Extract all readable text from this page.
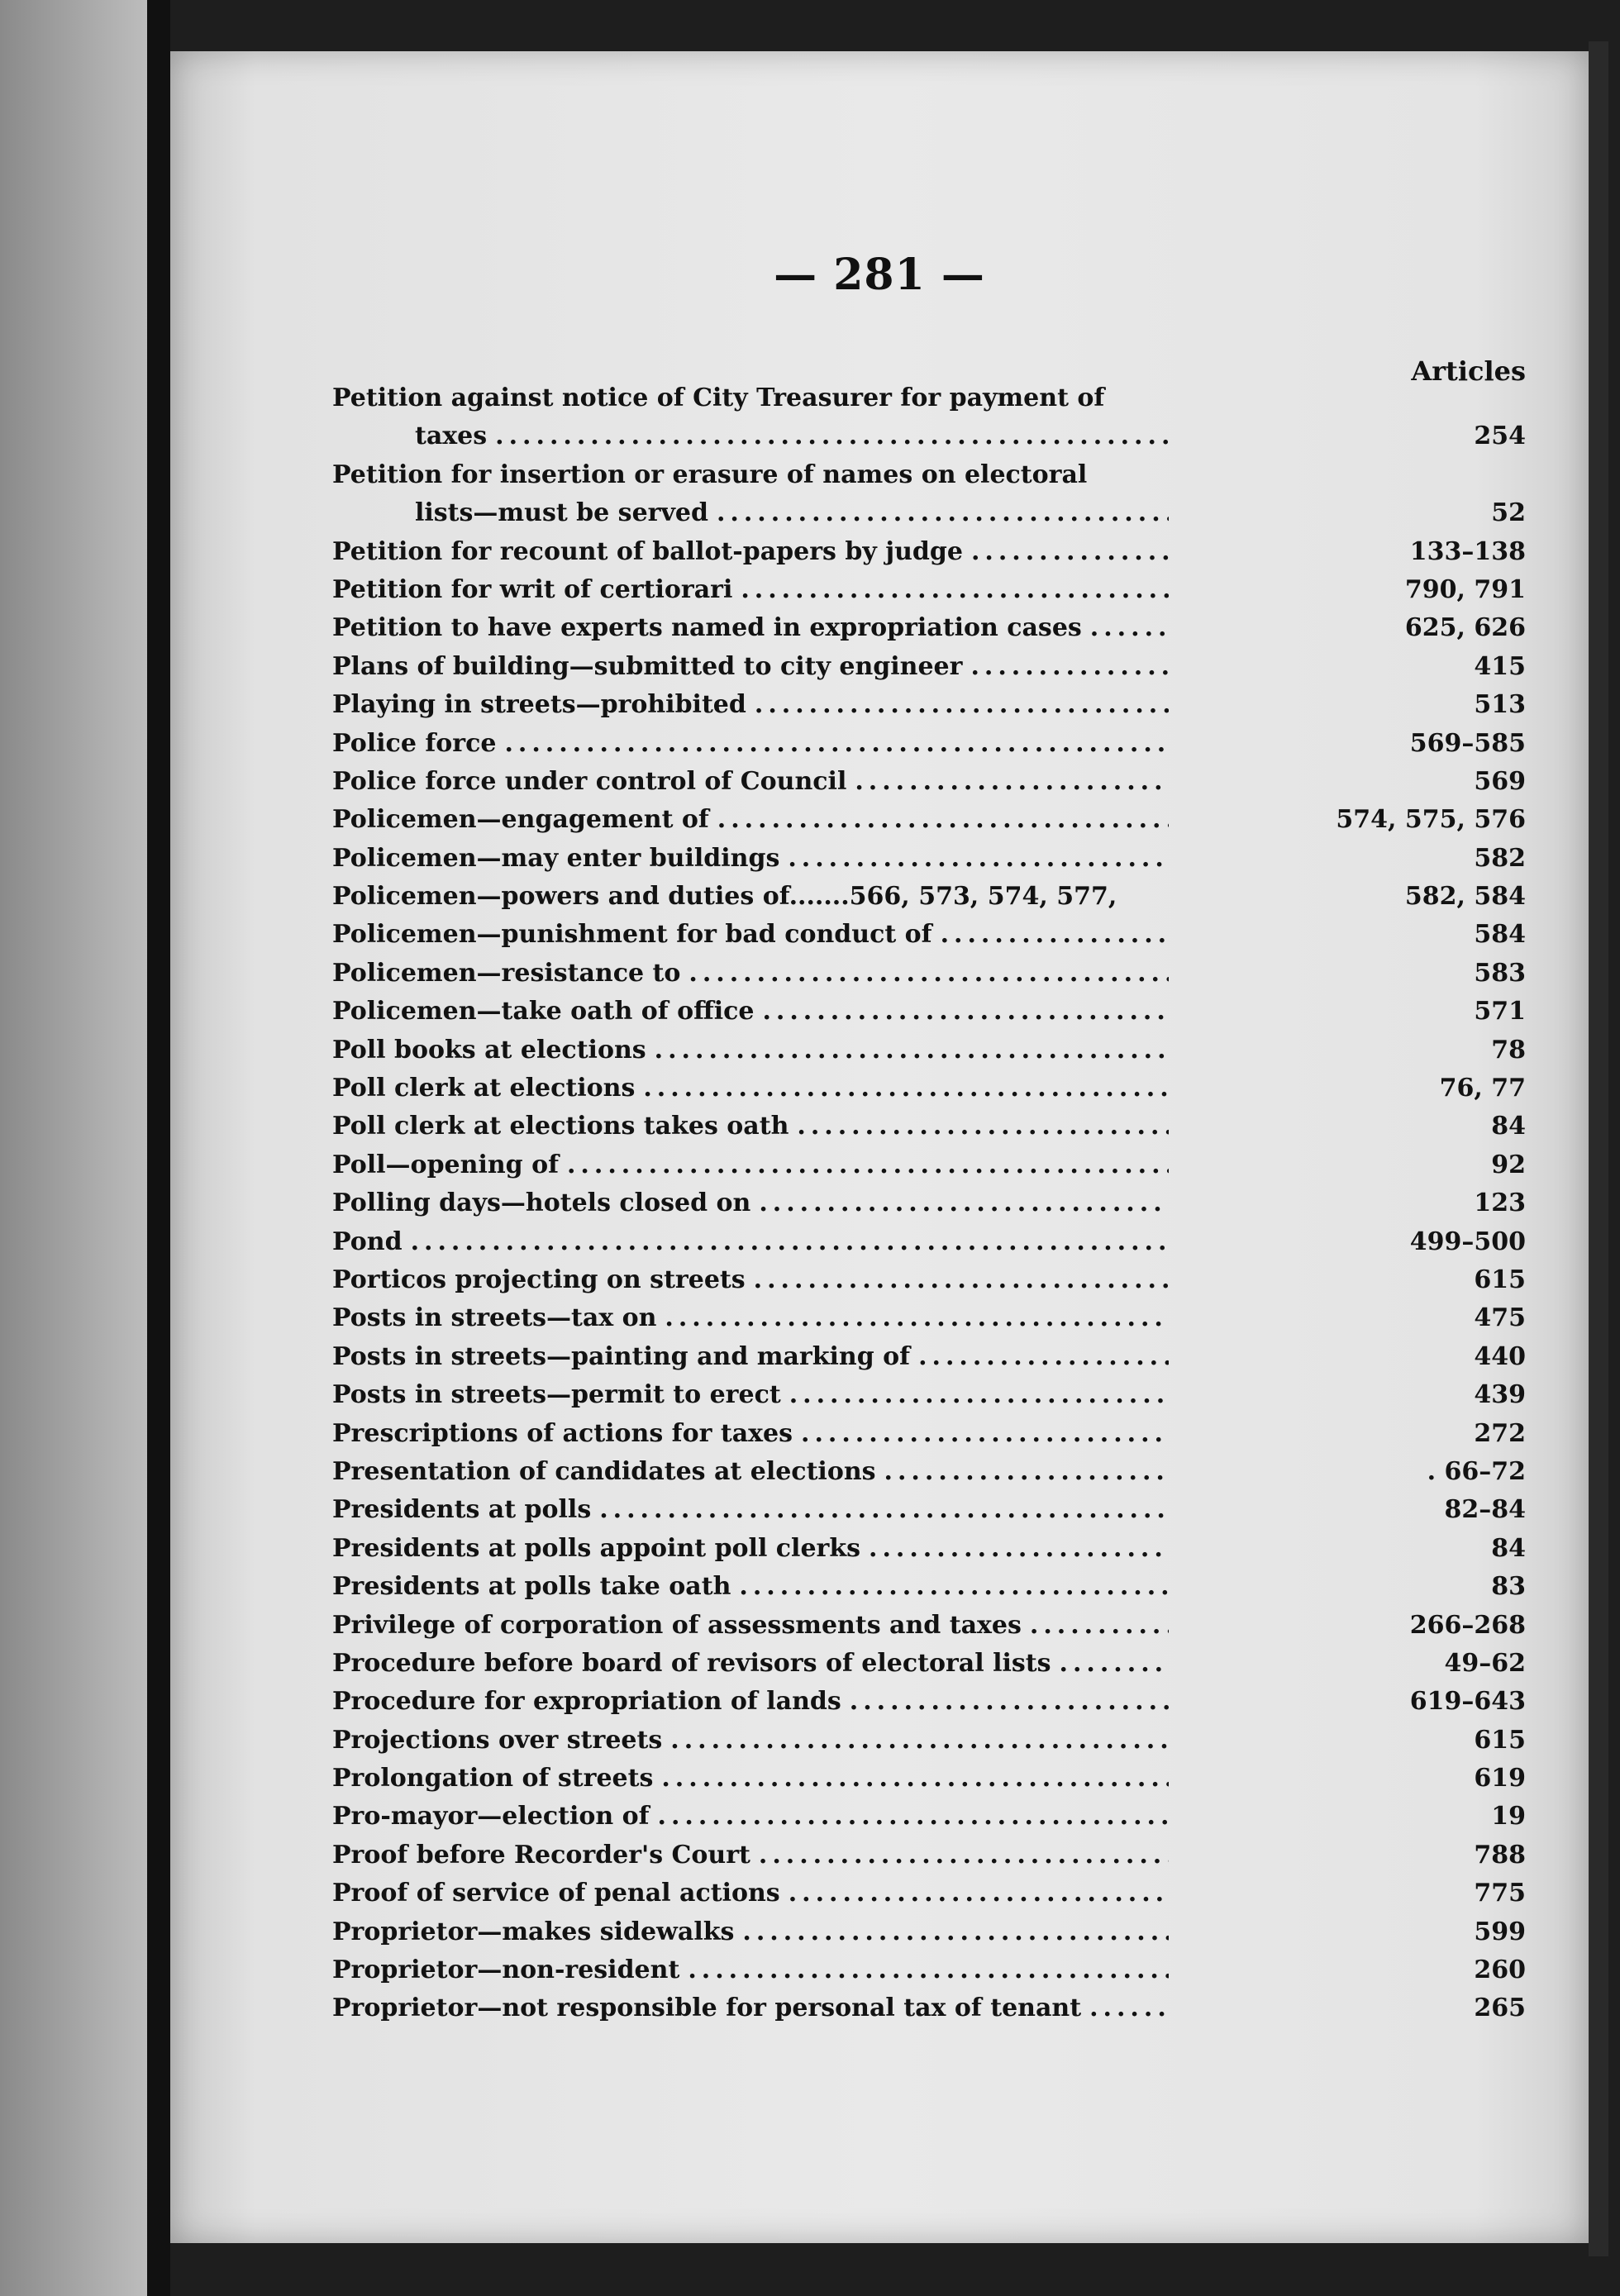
— 281 —
Articles
Petition against notice of City Treasurer for payment of
taxes .....	254
Petition for insertion or erasure of names on electoral
lists—must be served .....	52
Petition for recount of ballot-papers by judge .....	133–138
Petition for writ of certiorari .....	790, 791
Petition to have experts named in expropriation cases .....	625, 626
Plans of building—submitted to city engineer .....	415
Playing in streets—prohibited .....	513
Police force .....	569–585
Police force under control of Council .....	569
Policemen—engagement of .....	574, 575, 576
Policemen—may enter buildings .....	582
Policemen—powers and duties of.......566, 573, 574, 577,	582, 584
Policemen—punishment for bad conduct of .....	584
Policemen—resistance to .....	583
Policemen—take oath of office .....	571
Poll books at elections .....	78
Poll clerk at elections .....	76, 77
Poll clerk at elections takes oath .....	84
Poll—opening of .....	92
Polling days—hotels closed on .....	123
Pond .....	499–500
Porticos projecting on streets .....	615
Posts in streets—tax on .....	475
Posts in streets—painting and marking of .....	440
Posts in streets—permit to erect .....	439
Prescriptions of actions for taxes .....	272
Presentation of candidates at elections .....	. 66–72
Presidents at polls .....	82–84
Presidents at polls appoint poll clerks .....	84
Presidents at polls take oath .....	83
Privilege of corporation of assessments and taxes .....	266–268
Procedure before board of revisors of electoral lists .....	49–62
Procedure for expropriation of lands .....	619–643
Projections over streets .....	615
Prolongation of streets .....	619
Pro-mayor—election of .....	19
Proof before Recorder's Court .....	788
Proof of service of penal actions .....	775
Proprietor—makes sidewalks .....	599
Proprietor—non-resident .....	260
Proprietor—not responsible for personal tax of tenant .....	265
